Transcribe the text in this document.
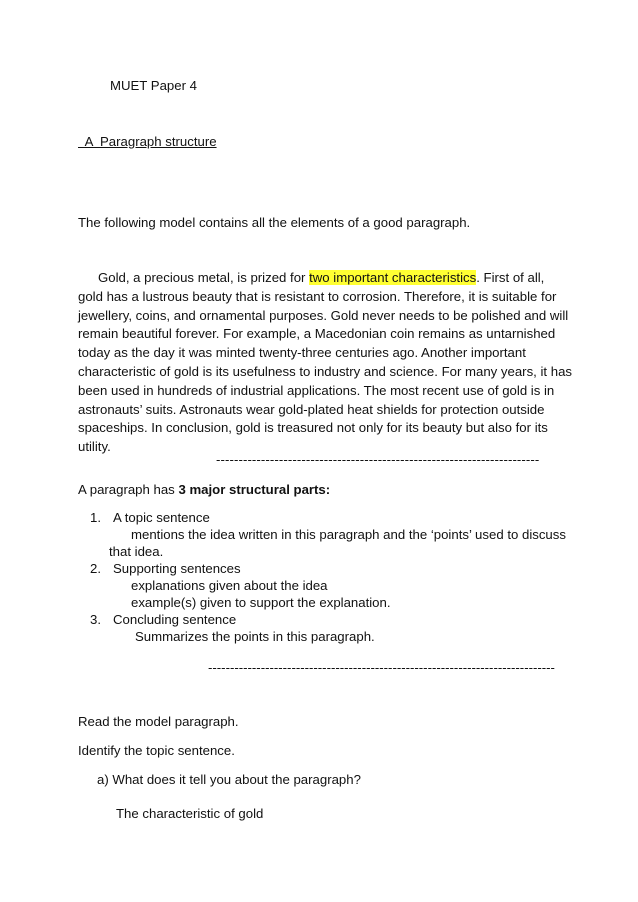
MUET Paper 4
A  Paragraph structure
The following model contains all the elements of a good paragraph.
Gold, a precious metal, is prized for two important characteristics. First of all,
gold has a lustrous beauty that is resistant to corrosion. Therefore, it is suitable for
jewellery, coins, and ornamental purposes. Gold never needs to be polished and will
remain beautiful forever. For example, a Macedonian coin remains as untarnished
today as the day it was minted twenty-three centuries ago. Another important
characteristic of gold is its usefulness to industry and science. For many years, it has
been used in hundreds of industrial applications. The most recent use of gold is in
astronauts’ suits. Astronauts wear gold-plated heat shields for protection outside
spaceships. In conclusion, gold is treasured not only for its beauty but also for its
utility.
------------------------------------------------------------------------
A paragraph has 3 major structural parts:
1. A topic sentence
mentions the idea written in this paragraph and the ‘points’ used to discuss
that idea.
2. Supporting sentences
explanations given about the idea
example(s) given to support the explanation.
3. Concluding sentence
Summarizes the points in this paragraph.
-------------------------------------------------------------------------------
Read the model paragraph.
Identify the topic sentence.
a) What does it tell you about the paragraph?
The characteristic of gold
